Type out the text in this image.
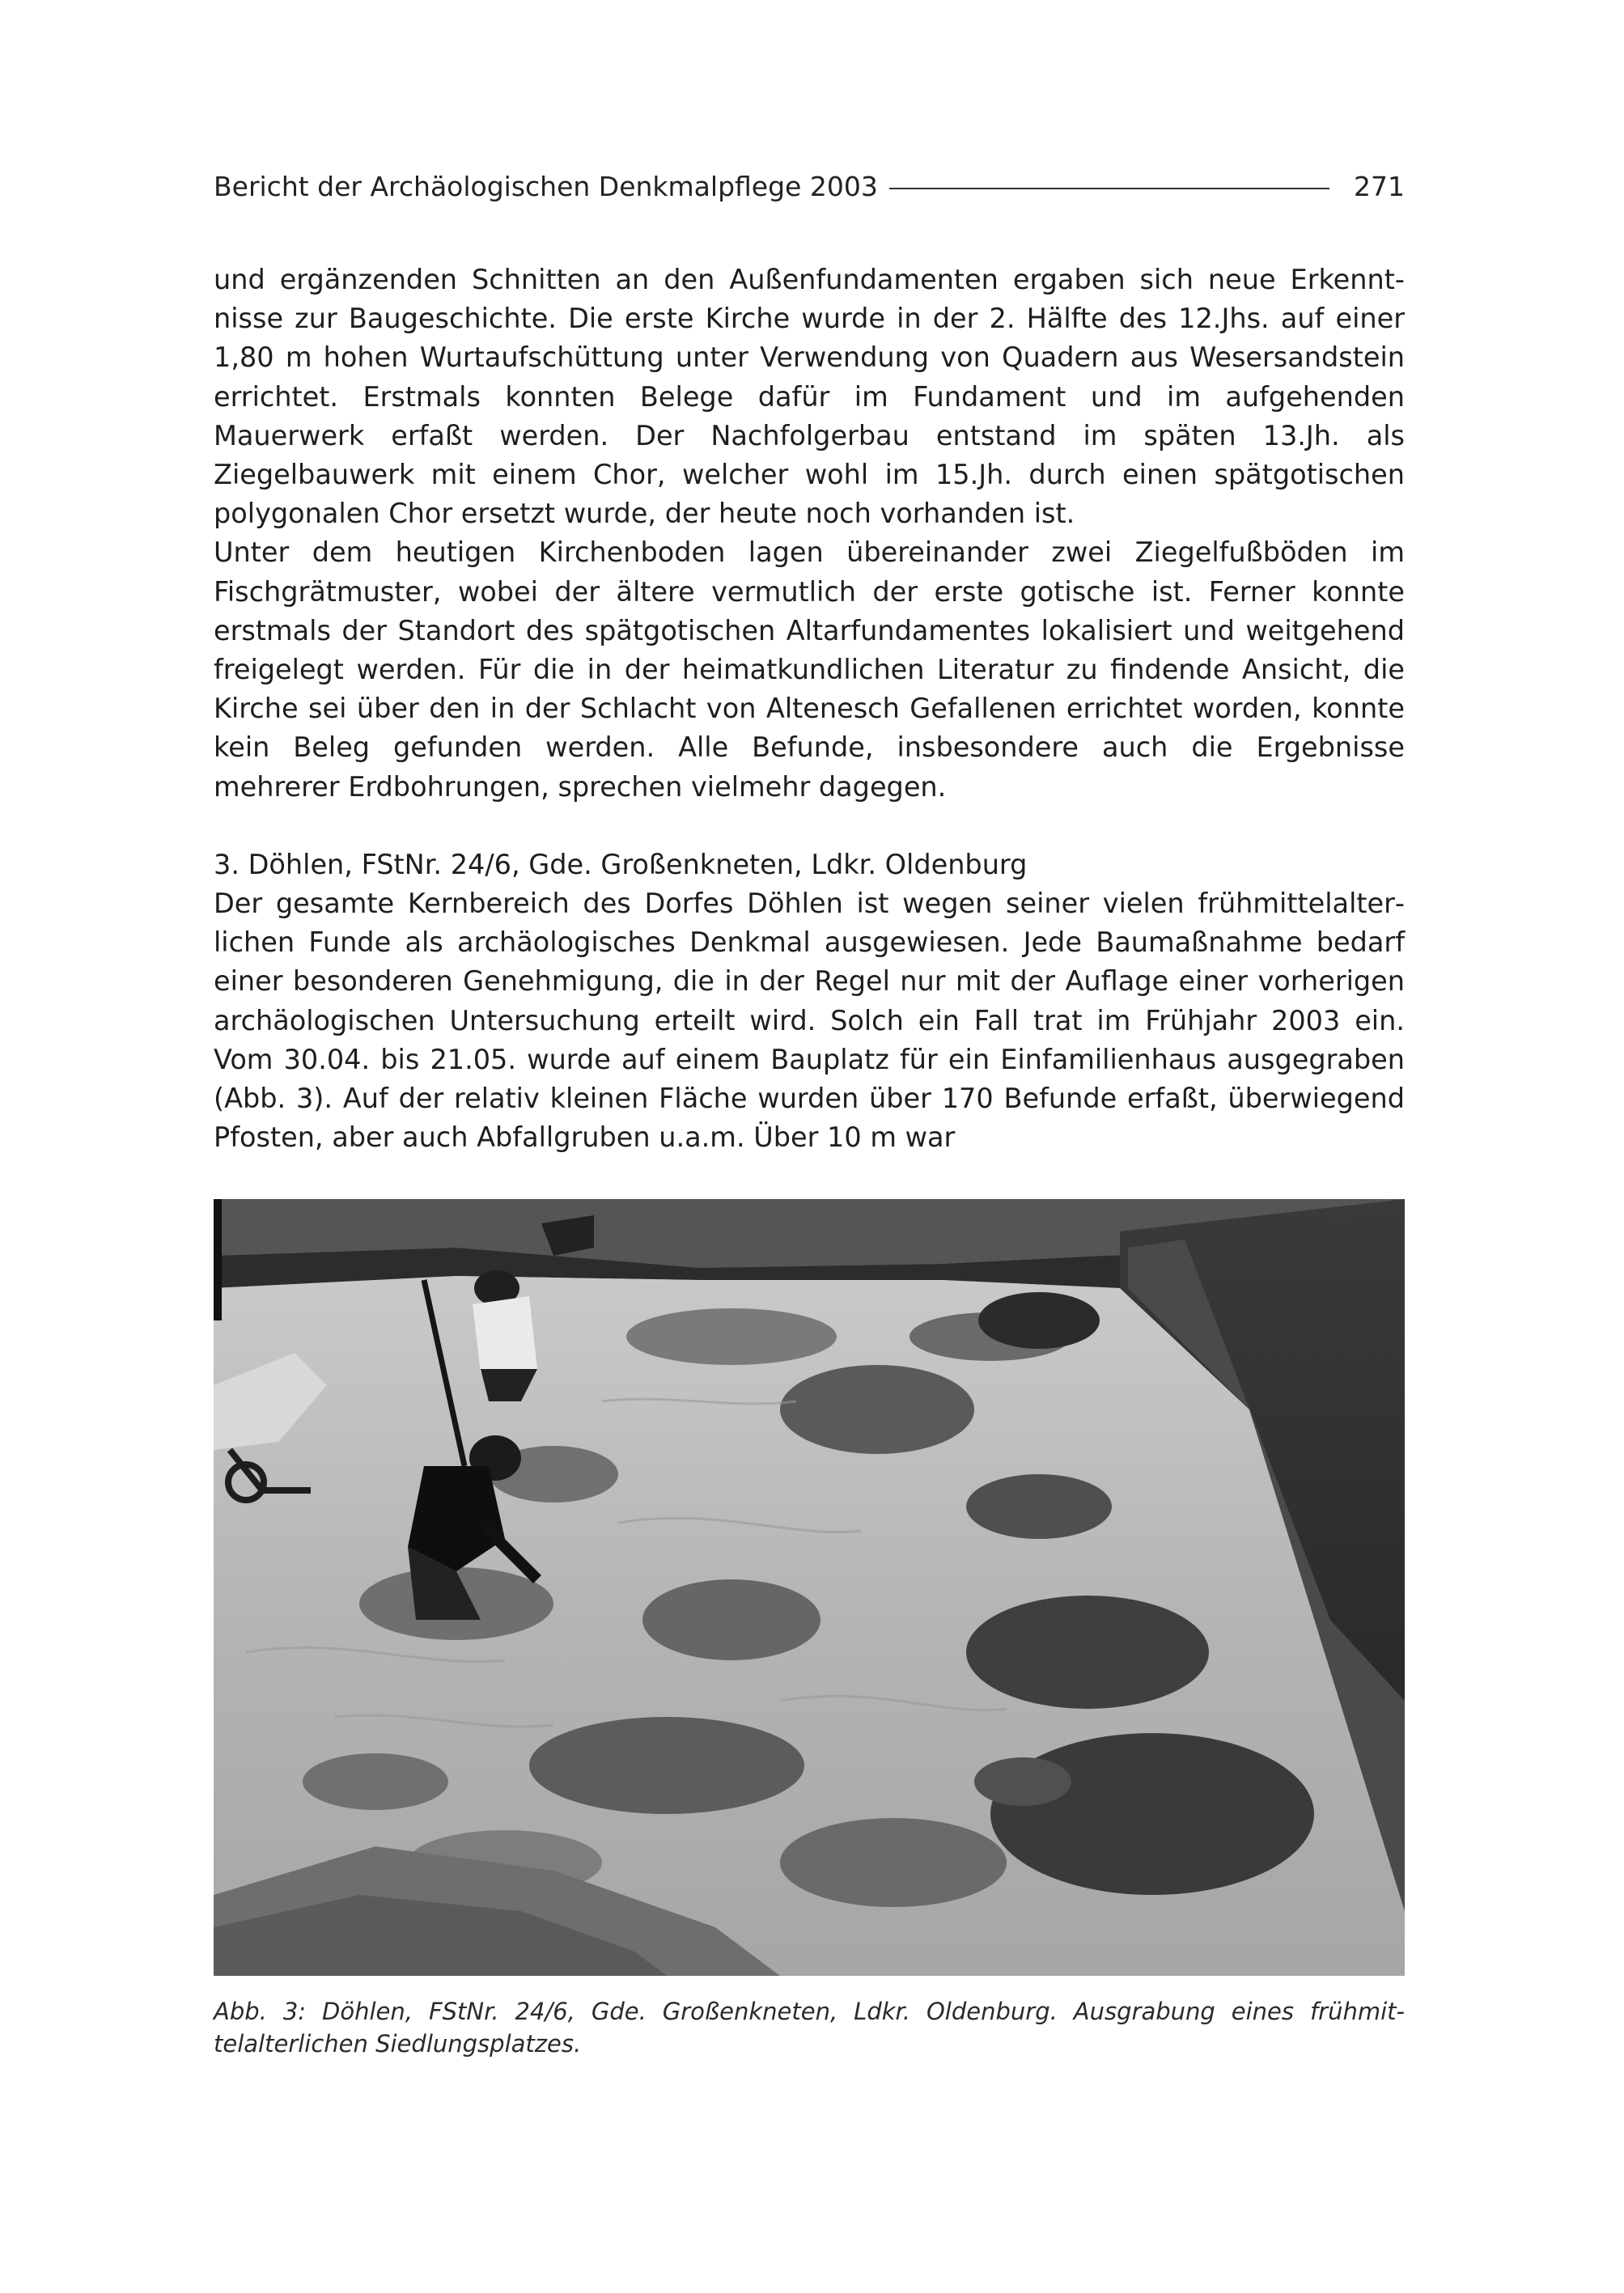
Bericht der Archäologischen Denkmalpflege 2003	271

und ergänzenden Schnitten an den Außenfundamenten ergaben sich neue Erkenntnisse zur Baugeschichte. Die erste Kirche wurde in der 2. Hälfte des 12.Jhs. auf einer 1,80 m hohen Wurtaufschüttung unter Verwendung von Quadern aus Wesersandstein errichtet. Erstmals konnten Belege dafür im Fundament und im aufgehenden Mauerwerk erfaßt werden. Der Nachfolgerbau entstand im späten 13.Jh. als Ziegelbauwerk mit einem Chor, welcher wohl im 15.Jh. durch einen spätgotischen polygonalen Chor ersetzt wurde, der heute noch vorhanden ist.

Unter dem heutigen Kirchenboden lagen übereinander zwei Ziegelfußböden im Fischgrätmuster, wobei der ältere vermutlich der erste gotische ist. Ferner konnte erstmals der Standort des spätgotischen Altarfundamentes lokalisiert und weitgehend freigelegt werden. Für die in der heimatkundlichen Literatur zu findende Ansicht, die Kirche sei über den in der Schlacht von Altenesch Gefallenen errichtet worden, konnte kein Beleg gefunden werden. Alle Befunde, insbesondere auch die Ergebnisse mehrerer Erdbohrungen, sprechen vielmehr dagegen.

3. Döhlen, FStNr. 24/6, Gde. Großenkneten, Ldkr. Oldenburg

Der gesamte Kernbereich des Dorfes Döhlen ist wegen seiner vielen frühmittelalterlichen Funde als archäologisches Denkmal ausgewiesen. Jede Baumaßnahme bedarf einer besonderen Genehmigung, die in der Regel nur mit der Auflage einer vorherigen archäologischen Untersuchung erteilt wird. Solch ein Fall trat im Frühjahr 2003 ein. Vom 30.04. bis 21.05. wurde auf einem Bauplatz für ein Einfamilienhaus ausgegraben (Abb. 3). Auf der relativ kleinen Fläche wurden über 170 Befunde erfaßt, überwiegend Pfosten, aber auch Abfallgruben u.a.m. Über 10 m war

Abb. 3: Döhlen, FStNr. 24/6, Gde. Großenkneten, Ldkr. Oldenburg. Ausgrabung eines frühmittelalterlichen Siedlungsplatzes.
